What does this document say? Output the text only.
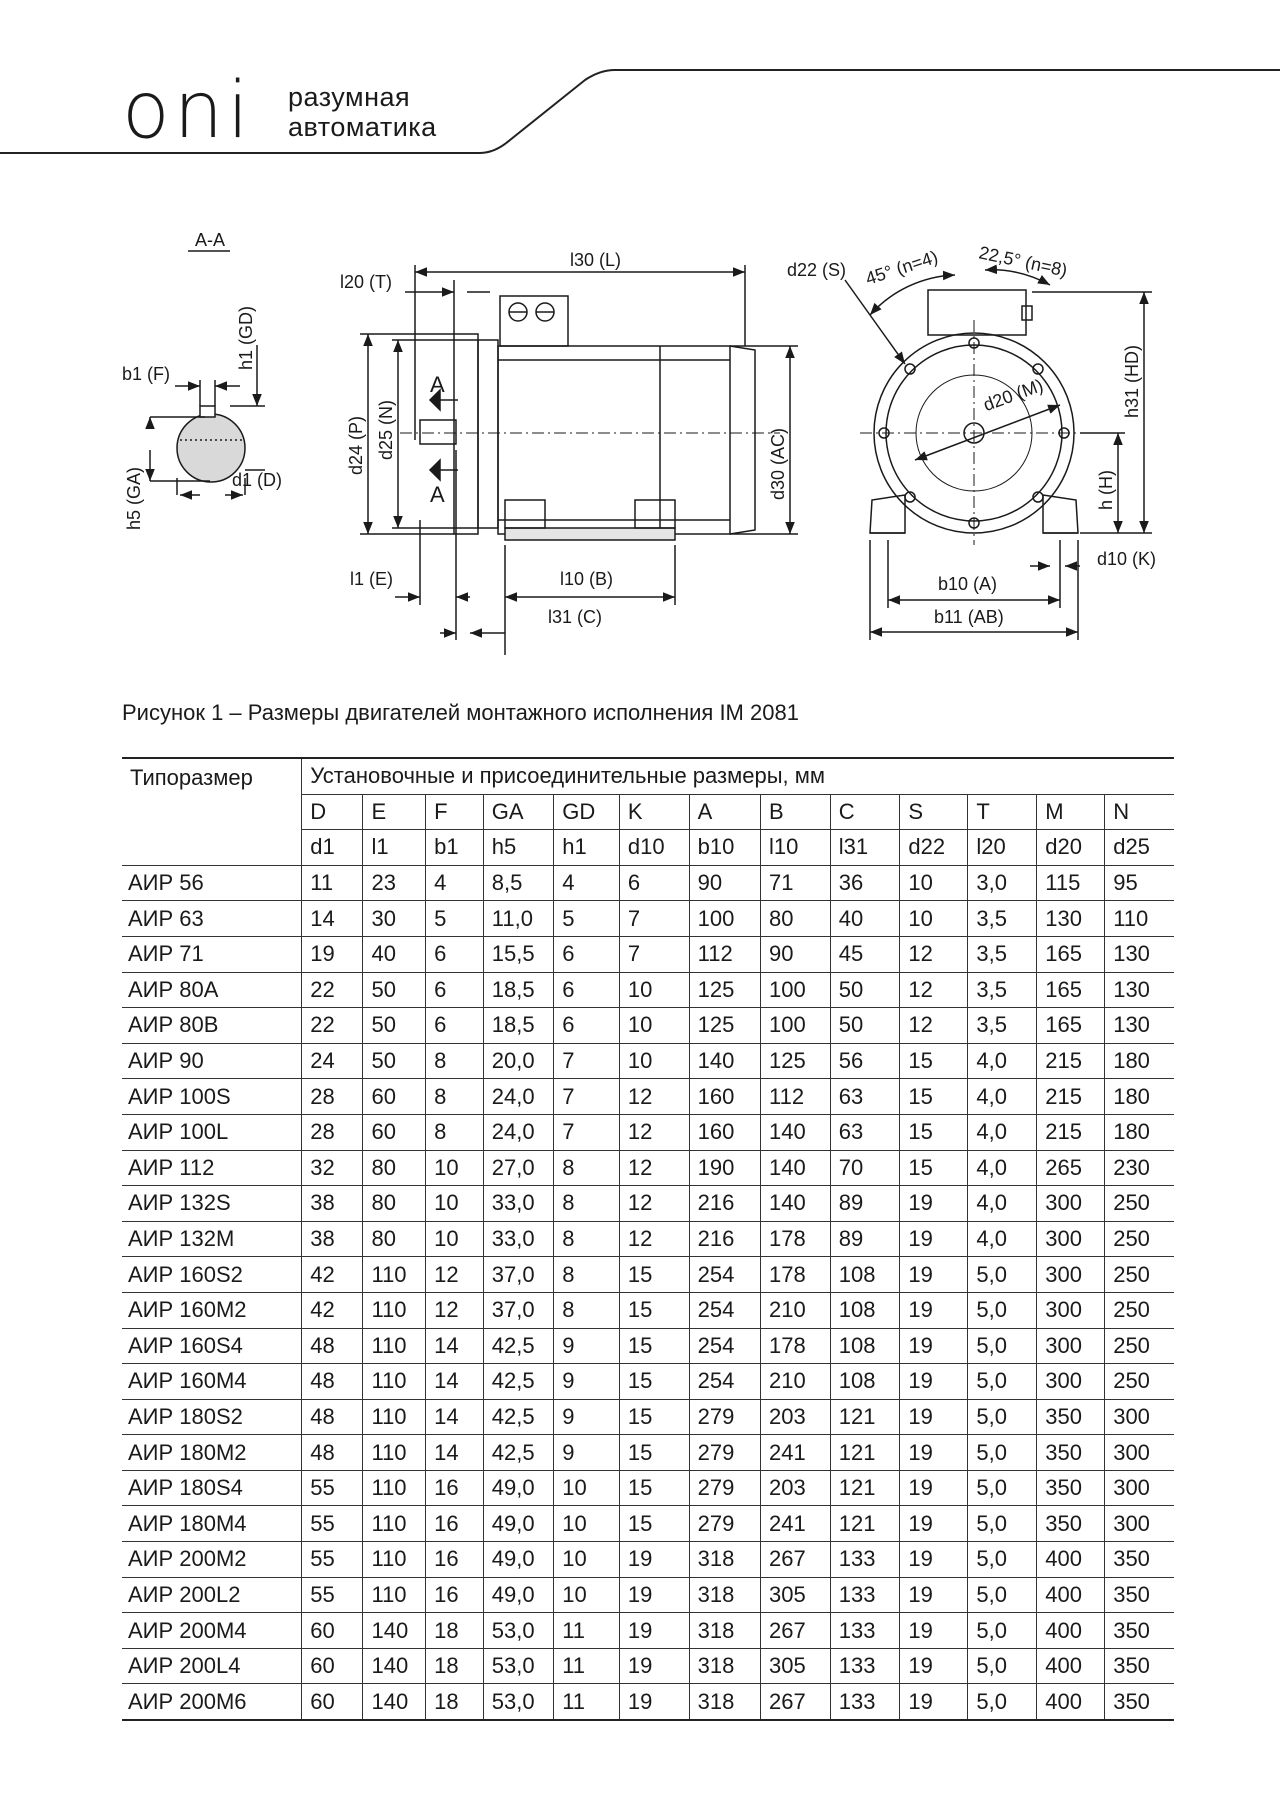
oni разумная
автоматика
A-A
b1 (F)
h1 (GD)
h5 (GA)	d1 (D)
l30 (L)
l20 (T)
d24 (P) d25 (N)	d30 (AC)
l1 (E)	l10 (B)
l31 (C)
A
A
d22 (S) 45° (n=4) 22,5° (n=8)
h31 (HD)
d20 (M)
h (H)
d10 (K)
b10 (A)
b11 (AB)
Рисунок 1 – Размеры двигателей монтажного исполнения IM 2081
Типоразмер	Установочные и присоединительные размеры, мм												
	D	E	F	GA	GD	K	A	B	C	S	T	M	N
	d1	l1	b1	h5	h1	d10	b10	l10	l31	d22	l20	d20	d25
АИР 56	11	23	4	8,5	4	6	90	71	36	10	3,0	115	95
АИР 63	14	30	5	11,0	5	7	100	80	40	10	3,5	130	110
АИР 71	19	40	6	15,5	6	7	112	90	45	12	3,5	165	130
АИР 80А	22	50	6	18,5	6	10	125	100	50	12	3,5	165	130
АИР 80В	22	50	6	18,5	6	10	125	100	50	12	3,5	165	130
АИР 90	24	50	8	20,0	7	10	140	125	56	15	4,0	215	180
АИР 100S	28	60	8	24,0	7	12	160	112	63	15	4,0	215	180
АИР 100L	28	60	8	24,0	7	12	160	140	63	15	4,0	215	180
АИР 112	32	80	10	27,0	8	12	190	140	70	15	4,0	265	230
АИР 132S	38	80	10	33,0	8	12	216	140	89	19	4,0	300	250
АИР 132M	38	80	10	33,0	8	12	216	178	89	19	4,0	300	250
АИР 160S2	42	110	12	37,0	8	15	254	178	108	19	5,0	300	250
АИР 160M2	42	110	12	37,0	8	15	254	210	108	19	5,0	300	250
АИР 160S4	48	110	14	42,5	9	15	254	178	108	19	5,0	300	250
АИР 160M4	48	110	14	42,5	9	15	254	210	108	19	5,0	300	250
АИР 180S2	48	110	14	42,5	9	15	279	203	121	19	5,0	350	300
АИР 180M2	48	110	14	42,5	9	15	279	241	121	19	5,0	350	300
АИР 180S4	55	110	16	49,0	10	15	279	203	121	19	5,0	350	300
АИР 180M4	55	110	16	49,0	10	15	279	241	121	19	5,0	350	300
АИР 200M2	55	110	16	49,0	10	19	318	267	133	19	5,0	400	350
АИР 200L2	55	110	16	49,0	10	19	318	305	133	19	5,0	400	350
АИР 200M4	60	140	18	53,0	11	19	318	267	133	19	5,0	400	350
АИР 200L4	60	140	18	53,0	11	19	318	305	133	19	5,0	400	350
АИР 200M6	60	140	18	53,0	11	19	318	267	133	19	5,0	400	350
